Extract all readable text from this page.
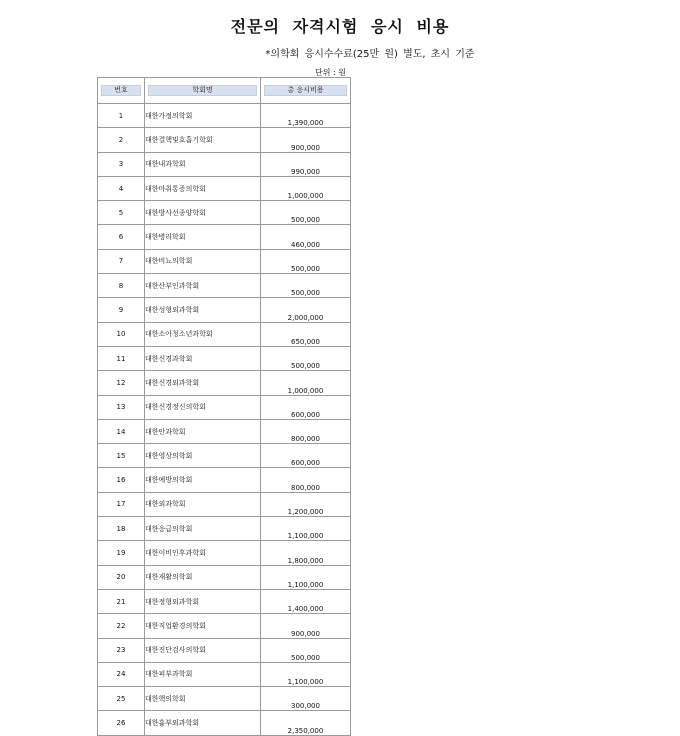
전문의 자격시험 응시 비용
*의학회 응시수수료(25만 원) 별도, 초시 기준
단위 : 원
번호	학회명	총 응시비용

1	대한가정의학회	1,390,000
2	대한결핵및호흡기학회	900,000
3	대한내과학회	990,000
4	대한마취통증의학회	1,000,000
5	대한방사선종양학회	500,000
6	대한병리학회	460,000
7	대한비뇨의학회	500,000
8	대한산부인과학회	500,000
9	대한성형외과학회	2,000,000
10	대한소아청소년과학회	650,000
11	대한신경과학회	500,000
12	대한신경외과학회	1,000,000
13	대한신경정신의학회	600,000
14	대한안과학회	800,000
15	대한영상의학회	600,000
16	대한예방의학회	800,000
17	대한외과학회	1,200,000
18	대한응급의학회	1,100,000
19	대한이비인후과학회	1,800,000
20	대한재활의학회	1,100,000
21	대한정형외과학회	1,400,000
22	대한직업환경의학회	900,000
23	대한진단검사의학회	500,000
24	대한피부과학회	1,100,000
25	대한핵의학회	300,000
26	대한흉부외과학회	2,350,000
